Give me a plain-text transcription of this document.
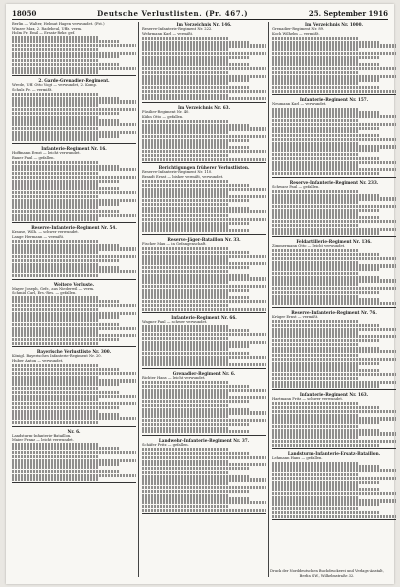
18050	Deutsche Verlustlisten. (Pr. 467.)	25. September 1916
Berlin — Walter, Helmut Hagen verwundet. (Fst.)
Winzer Max, 2. Radebeul, Uffz. verm.
Holm Fr. Emil — Ersatz-Rekr. gef.
2. Garde-Grenadier-Regiment.
Wrede, Uff. Otto Vogt — verwundet, 2. Komp.
Schulz Fr. — vermißt.
Infanterie-Regiment Nr. 16.
Hoffmann Ernst — leicht verwundet.
Bauer Paul — gefallen.
Reserve-Infanterie-Regiment Nr. 54.
Krause, Wilh. — schwer verwundet.
Lange Hermann — vermißt.
Weitere Verluste.
Mayer Joseph, Gefr., aus Niederwil — verm.
Schmid Carl, Ers.-Res. — gefallen.
Bayerische Verlustliste Nr. 300.
Königl. Bayerisches Infanterie-Regiment Nr. 20.
Huber Anton — verwundet.
Nr. 6.
Landsturm-Infanterie-Bataillon.
Maier Franz — leicht verwundet.
Im Verzeichnis Nr. 146.
Reserve-Infanterie-Regiment Nr. 222.
Wehrmann Karl — vermißt.
Im Verzeichnis Nr. 63.
Füsilier-Regiment Nr. 40.
Kühn Otto — gefallen.
Berichtigungen früherer Verlustlisten.
Reserve-Infanterie-Regiment Nr. 110.
Brandt Ernst — bisher vermißt, verwundet.
Reserve-Jäger-Bataillon Nr. 33.
Fischer Max — in Gefangenschaft.
Infanterie-Regiment Nr. 66.
Wagner Paul — schwer verwundet.
Grenadier-Regiment Nr. 6.
Richter Hans — leicht verwundet.
Landwehr-Infanterie-Regiment Nr. 37.
Schäfer Fritz — gefallen.
Im Verzeichnis Nr. 1000.
Grenadier-Regiment Nr. 89.
Koch Wilhelm — vermißt.
Infanterie-Regiment Nr. 157.
Neumann Karl — verwundet.
Reserve-Infanterie-Regiment Nr. 233.
Schwarz Paul — gefallen.
Feldartillerie-Regiment Nr. 136.
Zimmermann Otto — leicht verwundet.
Reserve-Infanterie-Regiment Nr. 76.
Krüger Ernst — vermißt.
Infanterie-Regiment Nr. 163.
Hartmann Fritz — schwer verwundet.
Landsturm-Infanterie-Ersatz-Bataillon.
Lehmann Hans — gefallen.
Druck der Norddeutschen Buchdruckerei und Verlags-Anstalt, Berlin SW., Wilhelmstraße 32.
